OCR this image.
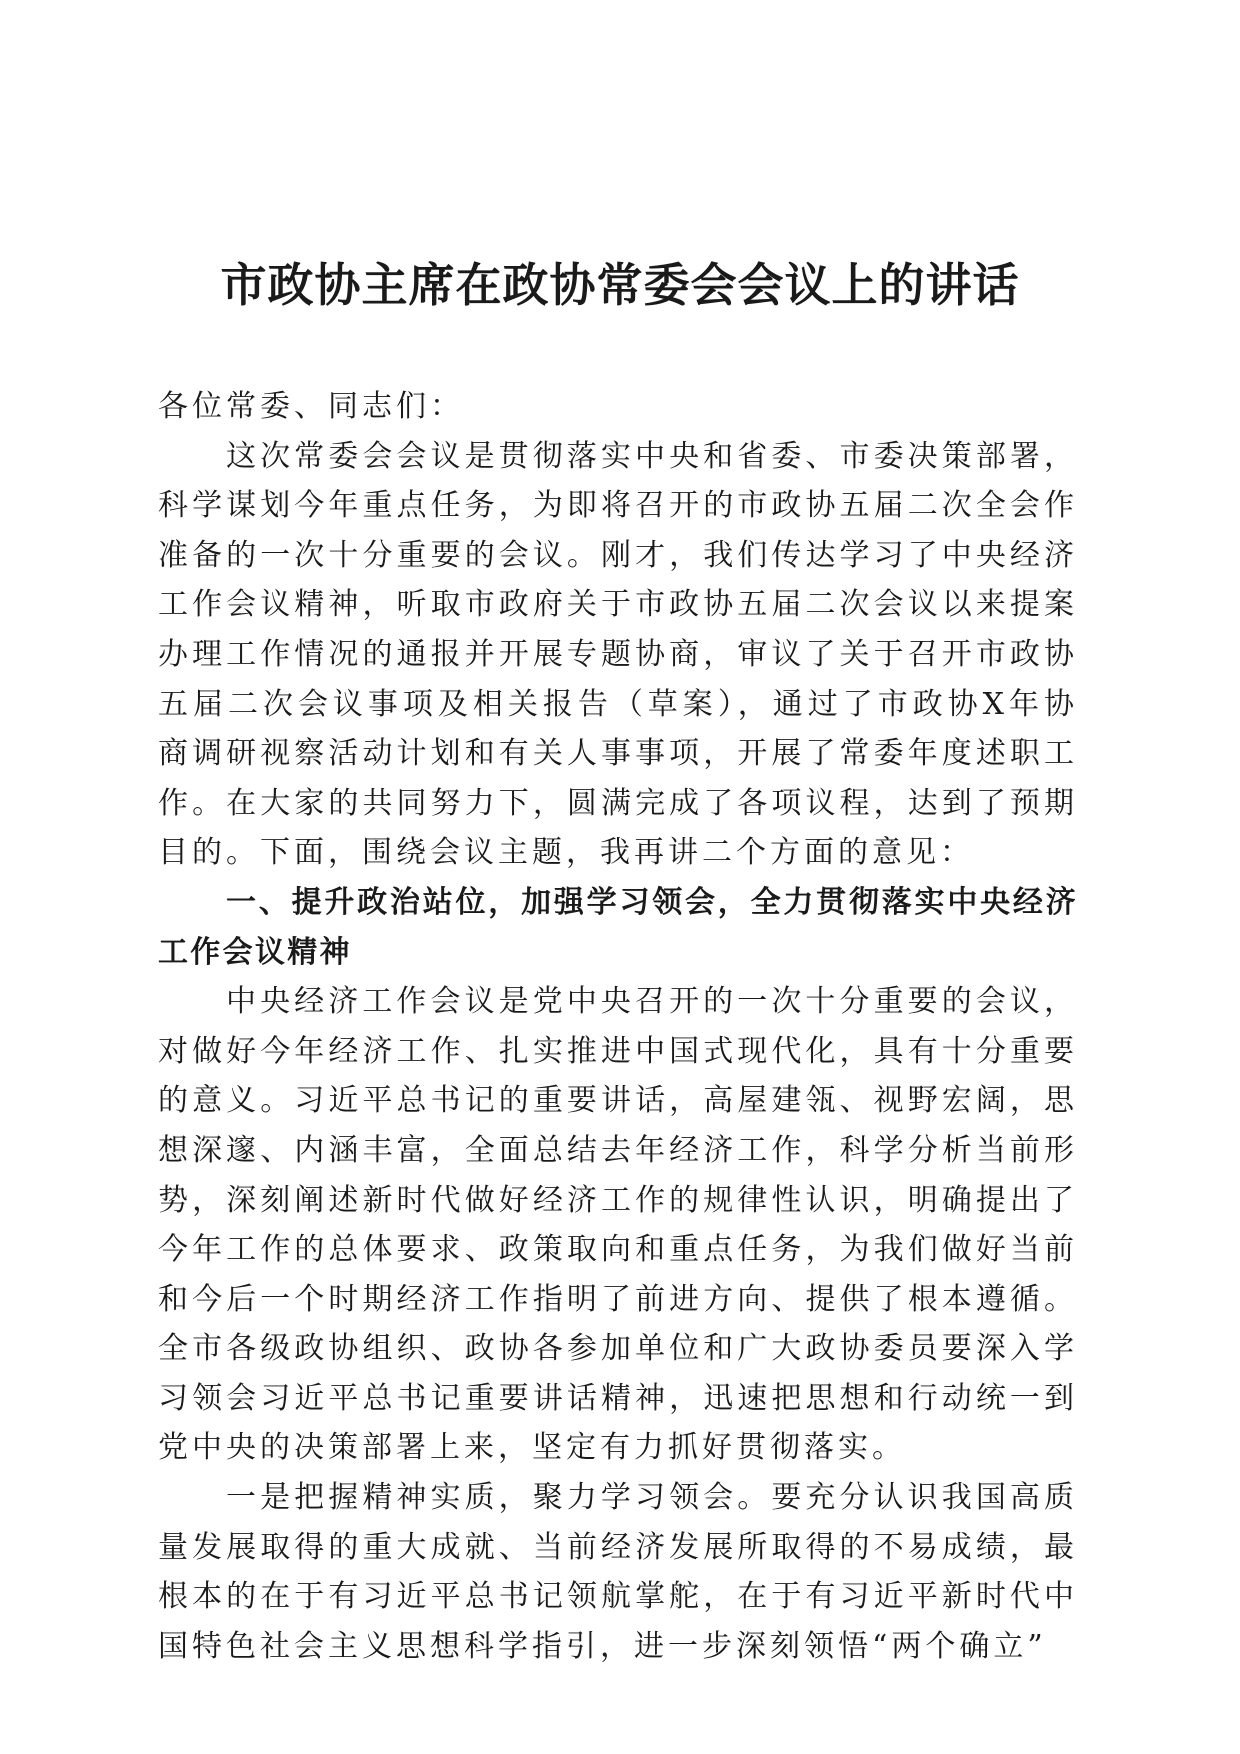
市政协主席在政协常委会会议上的讲话

各位常委、同志们：

这次常委会会议是贯彻落实中央和省委、市委决策部署，科学谋划今年重点任务，为即将召开的市政协五届二次全会作准备的一次十分重要的会议。刚才，我们传达学习了中央经济工作会议精神，听取市政府关于市政协五届二次会议以来提案办理工作情况的通报并开展专题协商，审议了关于召开市政协五届二次会议事项及相关报告（草案），通过了市政协X年协商调研视察活动计划和有关人事事项，开展了常委年度述职工作。在大家的共同努力下，圆满完成了各项议程，达到了预期目的。下面，围绕会议主题，我再讲二个方面的意见：

一、提升政治站位，加强学习领会，全力贯彻落实中央经济工作会议精神

中央经济工作会议是党中央召开的一次十分重要的会议，对做好今年经济工作、扎实推进中国式现代化，具有十分重要的意义。习近平总书记的重要讲话，高屋建瓴、视野宏阔，思想深邃、内涵丰富，全面总结去年经济工作，科学分析当前形势，深刻阐述新时代做好经济工作的规律性认识，明确提出了今年工作的总体要求、政策取向和重点任务，为我们做好当前和今后一个时期经济工作指明了前进方向、提供了根本遵循。全市各级政协组织、政协各参加单位和广大政协委员要深入学习领会习近平总书记重要讲话精神，迅速把思想和行动统一到党中央的决策部署上来，坚定有力抓好贯彻落实。

一是把握精神实质，聚力学习领会。要充分认识我国高质量发展取得的重大成就、当前经济发展所取得的不易成绩，最根本的在于有习近平总书记领航掌舵，在于有习近平新时代中国特色社会主义思想科学指引，进一步深刻领悟“两个确立”
